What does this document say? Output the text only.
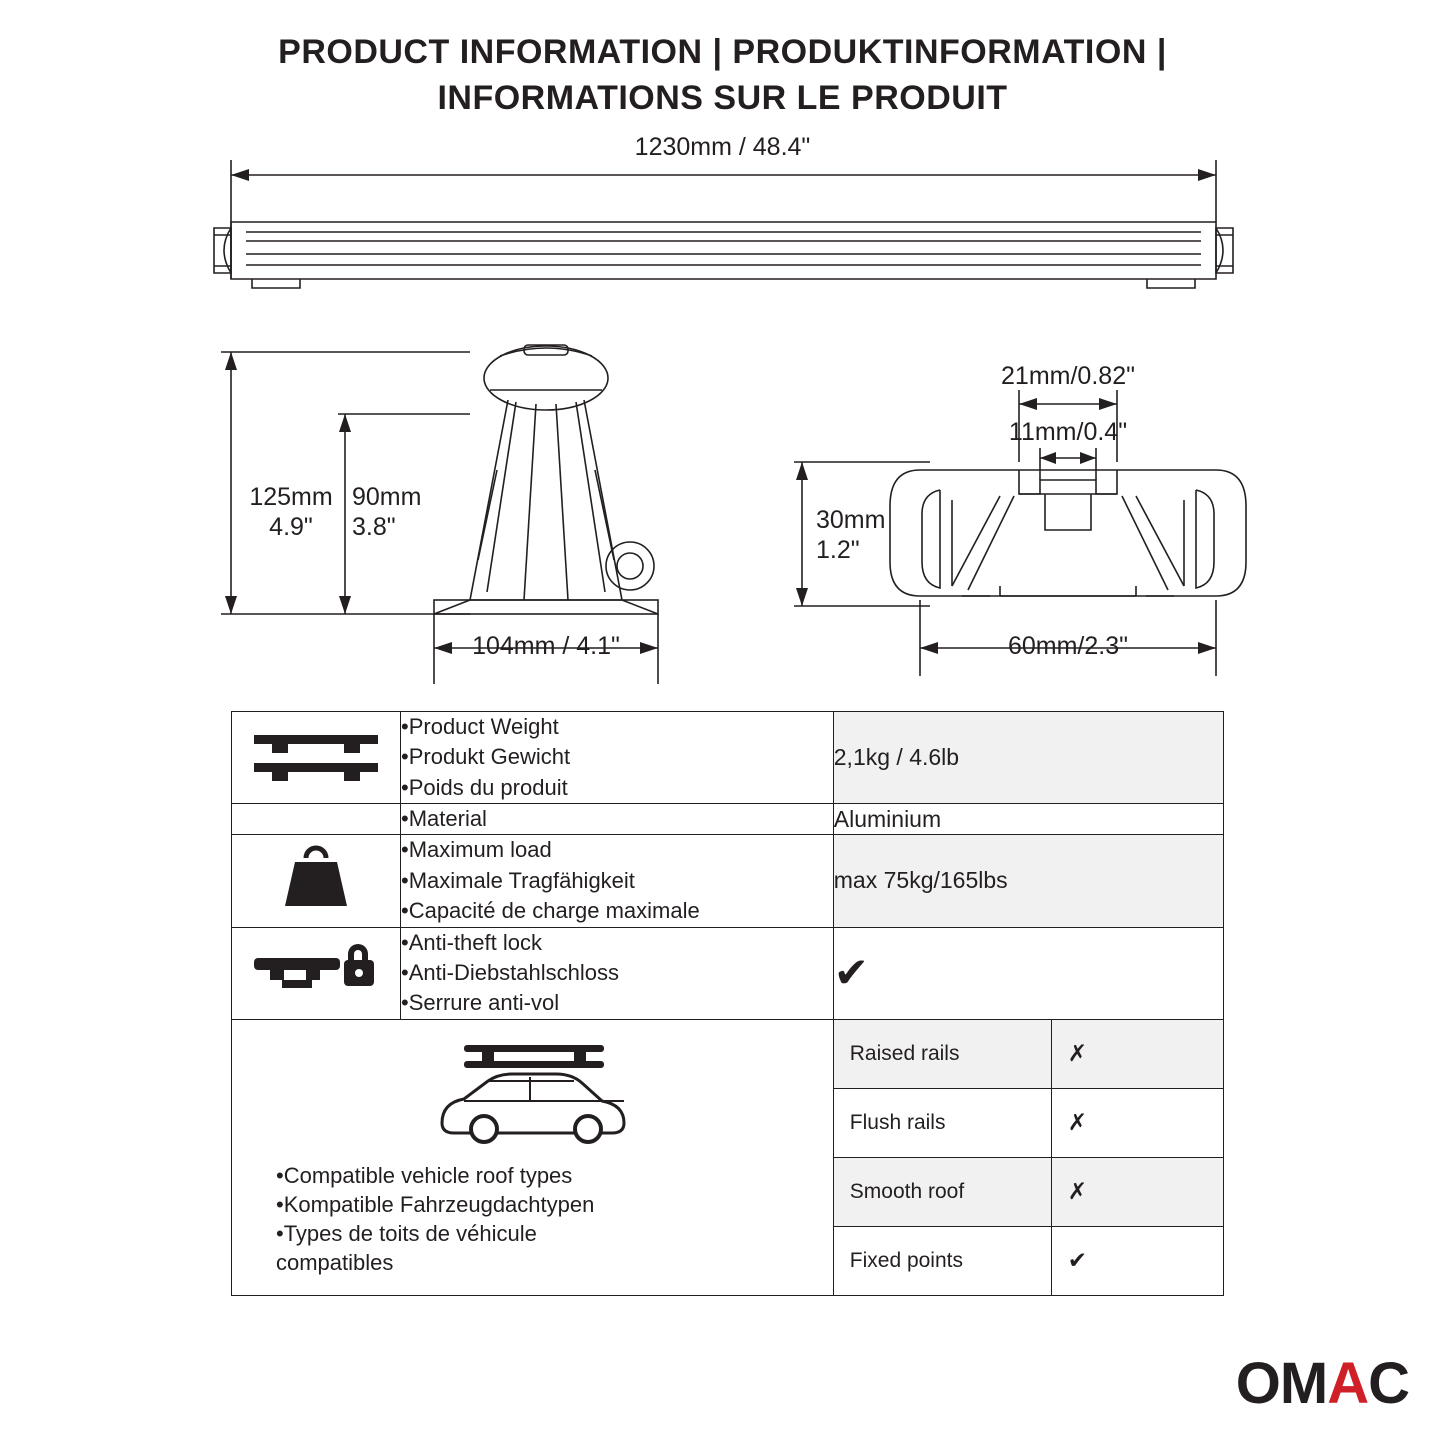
PRODUCT INFORMATION | PRODUKTINFORMATION |
INFORMATIONS SUR LE PRODUIT
1230mm / 48.4"
125mm
4.9"
90mm
3.8"
104mm / 4.1"
21mm/0.82"
11mm/0.4"
30mm
1.2"
60mm/2.3"

•Product Weight
•Produkt Gewicht
•Poids du produit
	2,1kg / 4.6lb

•Material	Aluminium

•Maximum load
•Maximale Tragfähigkeit
•Capacité de charge maximale
	max 75kg/165lbs

•Anti-theft lock
•Anti-Diebstahlschloss
•Serrure anti-vol
	✔

•Compatible vehicle roof types
•Kompatible Fahrzeugdachtypen
•Types de toits de véhicule
compatibles

Raised rails	✗
Flush rails	✗
Smooth roof	✗
Fixed points	✔
OMAC
